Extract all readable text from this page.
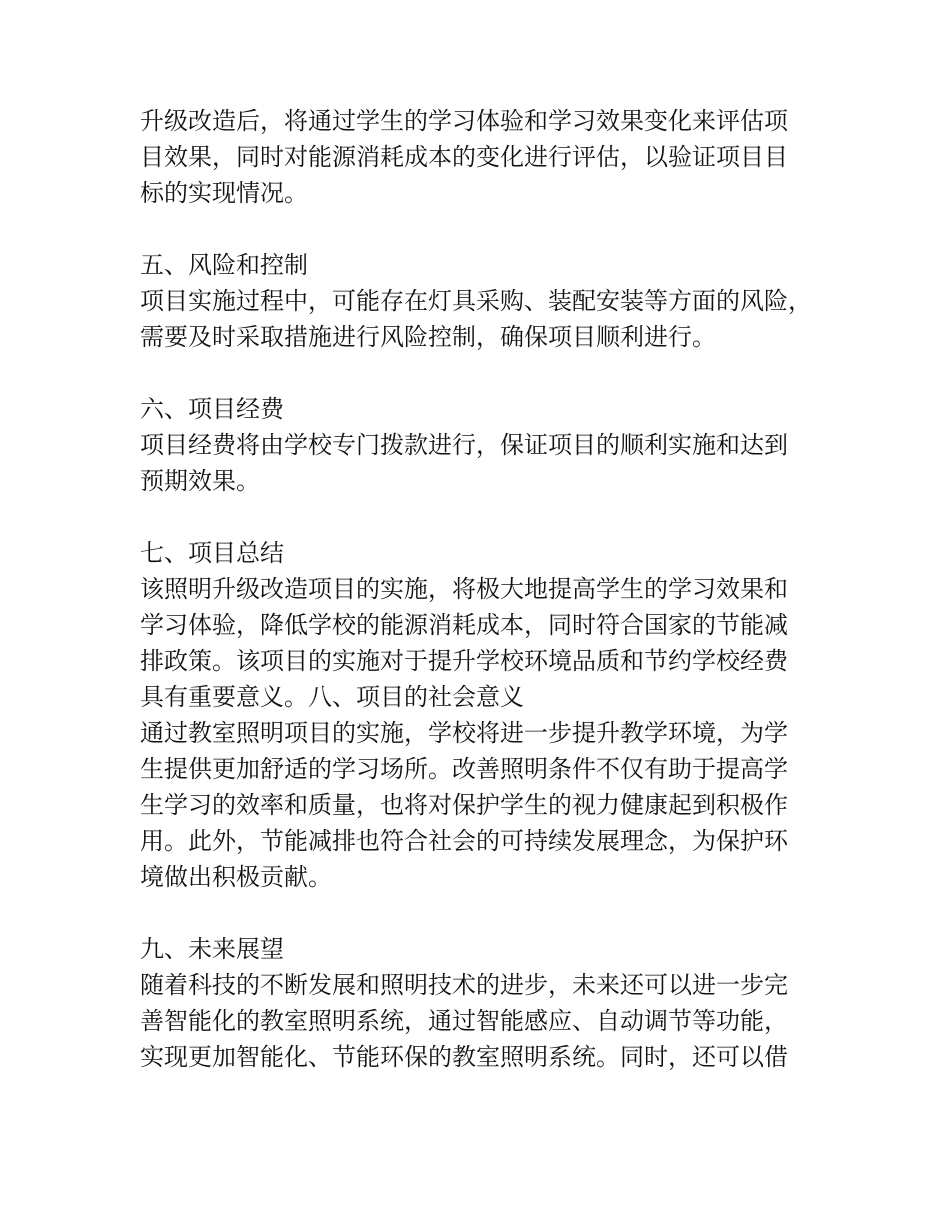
升级改造后，将通过学生的学习体验和学习效果变化来评估项
目效果，同时对能源消耗成本的变化进行评估，以验证项目目
标的实现情况。
五、风险和控制
项目实施过程中，可能存在灯具采购、装配安装等方面的风险，
需要及时采取措施进行风险控制，确保项目顺利进行。
六、项目经费
项目经费将由学校专门拨款进行，保证项目的顺利实施和达到
预期效果。
七、项目总结
该照明升级改造项目的实施，将极大地提高学生的学习效果和
学习体验，降低学校的能源消耗成本，同时符合国家的节能减
排政策。该项目的实施对于提升学校环境品质和节约学校经费
具有重要意义。八、项目的社会意义
通过教室照明项目的实施，学校将进一步提升教学环境，为学
生提供更加舒适的学习场所。改善照明条件不仅有助于提高学
生学习的效率和质量，也将对保护学生的视力健康起到积极作
用。此外，节能减排也符合社会的可持续发展理念，为保护环
境做出积极贡献。
九、未来展望
随着科技的不断发展和照明技术的进步，未来还可以进一步完
善智能化的教室照明系统，通过智能感应、自动调节等功能，
实现更加智能化、节能环保的教室照明系统。同时，还可以借
